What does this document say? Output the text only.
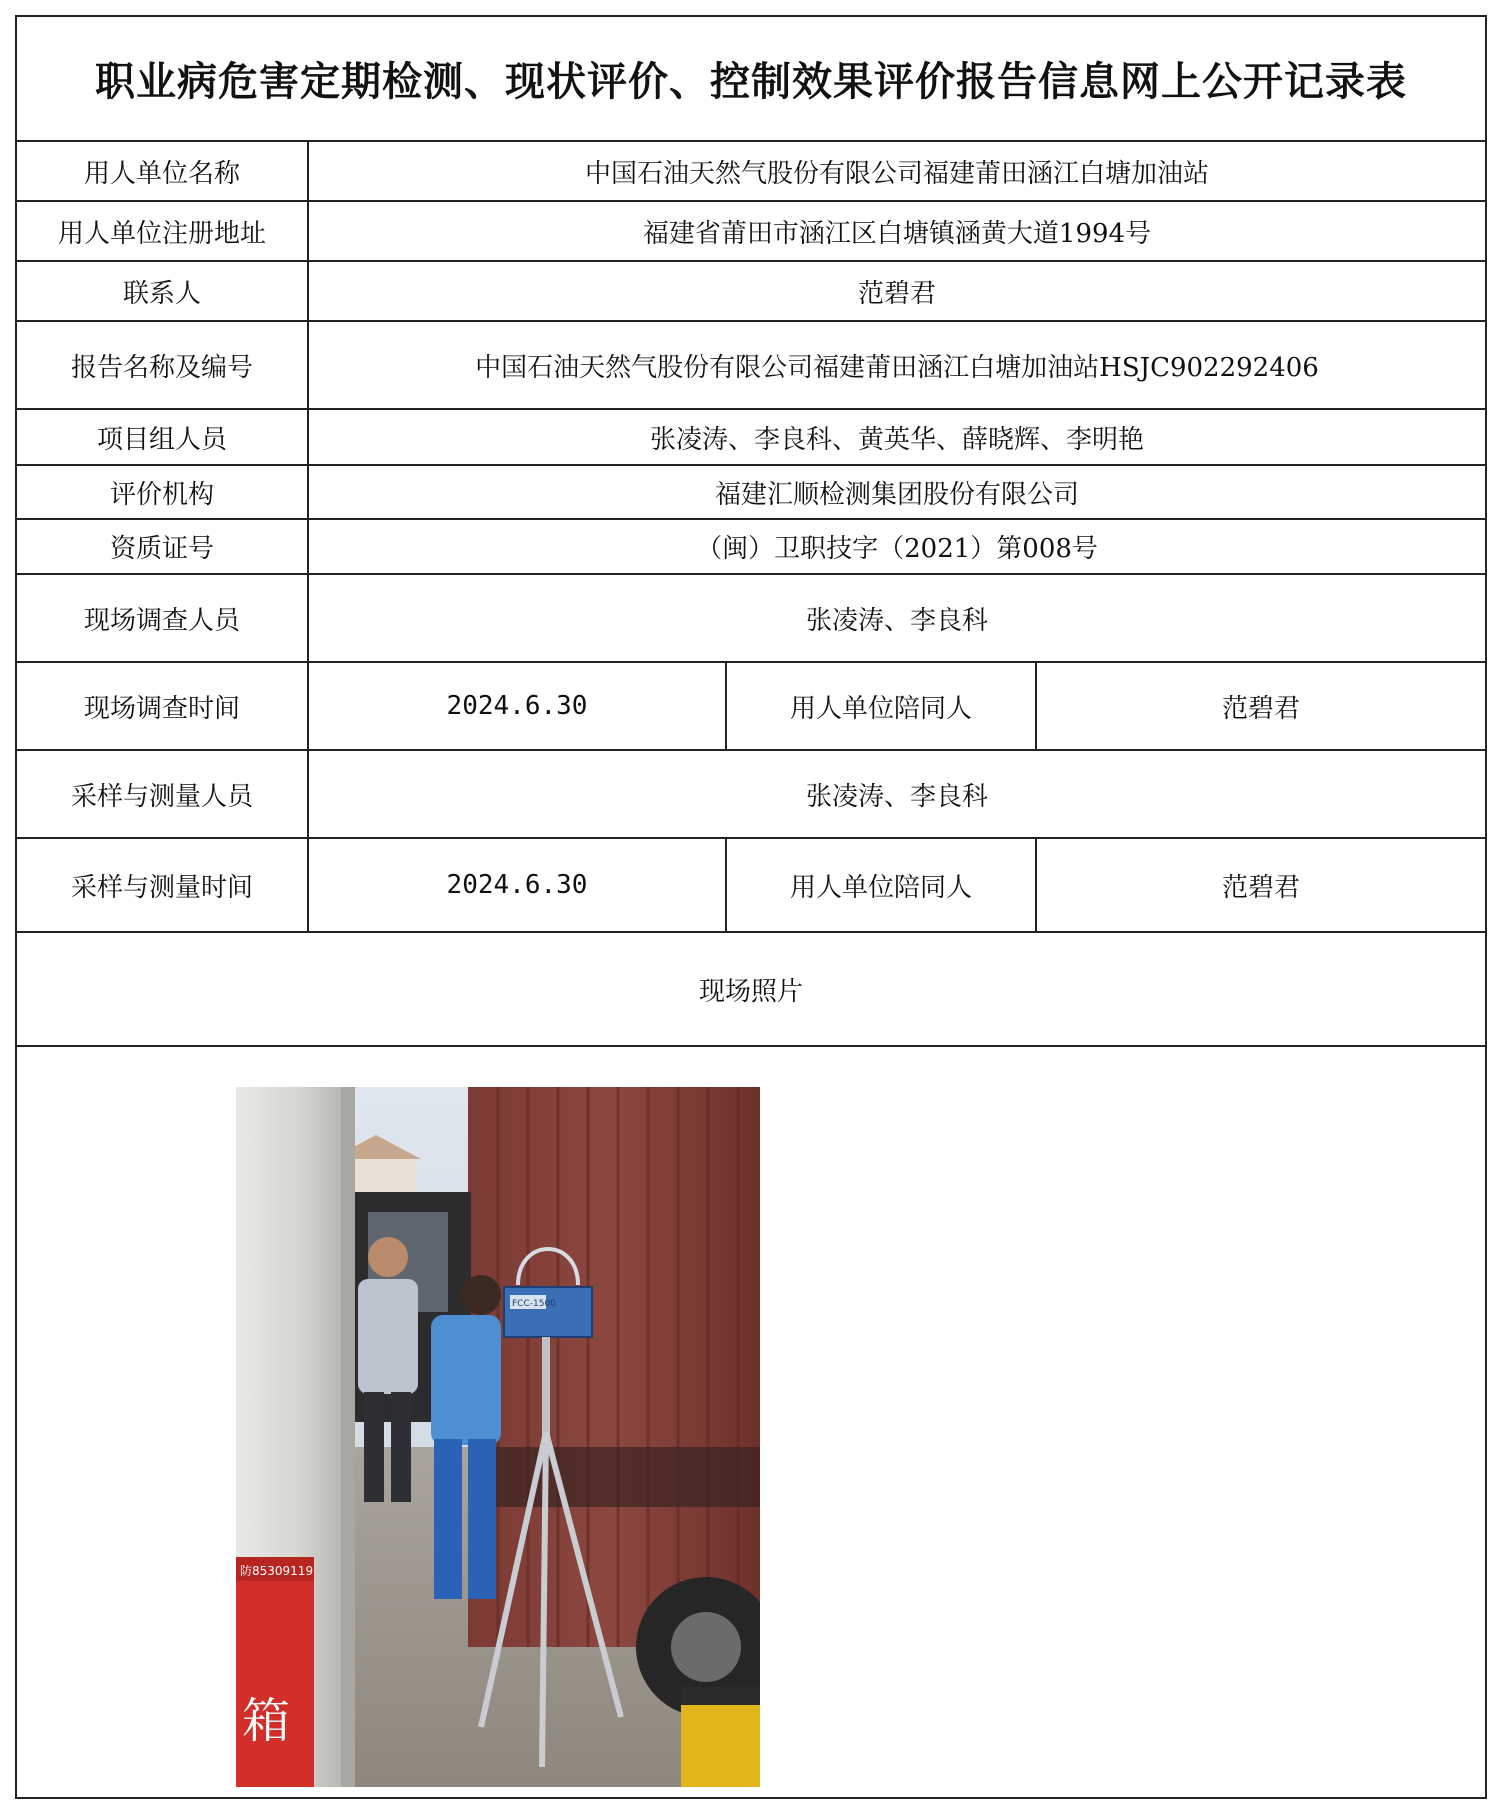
职业病危害定期检测、现状评价、控制效果评价报告信息网上公开记录表
用人单位名称	中国石油天然气股份有限公司福建莆田涵江白塘加油站		
用人单位注册地址	福建省莆田市涵江区白塘镇涵黄大道1994号		
联系人	范碧君		
报告名称及编号	中国石油天然气股份有限公司福建莆田涵江白塘加油站HSJC902292406		
项目组人员	张凌涛、李良科、黄英华、薛晓辉、李明艳		
评价机构	福建汇顺检测集团股份有限公司		
资质证号	（闽）卫职技字（2021）第008号		
现场调查人员	张凌涛、李良科		
现场调查时间	2024.6.30	用人单位陪同人	范碧君
采样与测量人员	张凌涛、李良科		
采样与测量时间	2024.6.30	用人单位陪同人	范碧君
现场照片			
防85309119
箱
FCC-1500
